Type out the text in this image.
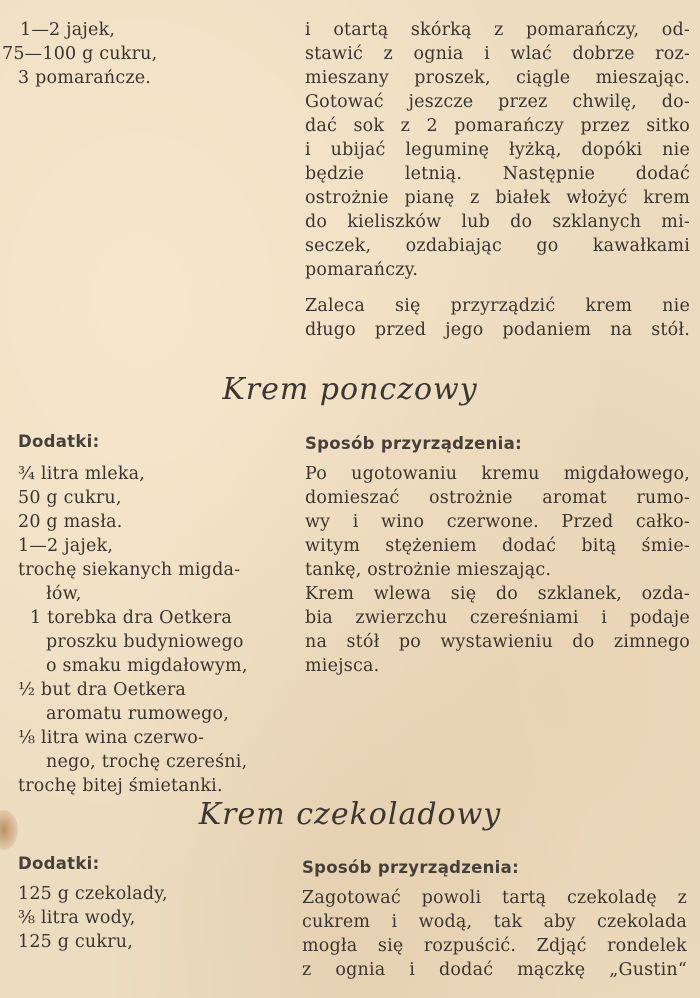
1—2 jajek,
75—100 g cukru,
3 pomarańcze.
i otartą skórką z pomarańczy, od-
stawić z ognia i wlać dobrze roz-
mieszany proszek, ciągle mieszając.
Gotować jeszcze przez chwilę, do-
dać sok z 2 pomarańczy przez sitko
i ubijać leguminę łyżką, dopóki nie
będzie letnią. Następnie dodać
ostrożnie pianę z białek włożyć krem
do kieliszków lub do szklanych mi-
seczek, ozdabiając go kawałkami
pomarańczy.
Zaleca się przyrządzić krem nie
długo przed jego podaniem na stół.
Krem ponczowy
Dodatki:
¾ litra mleka,
50 g cukru,
20 g masła.
1—2 jajek,
trochę siekanych migda-
łów,
1 torebka dra Oetkera
proszku budyniowego
o smaku migdałowym,
½ but dra Oetkera
aromatu rumowego,
⅛ litra wina czerwo-
nego, trochę czereśni,
trochę bitej śmietanki.
Sposób przyrządzenia:
Po ugotowaniu kremu migdałowego,
domieszać ostrożnie aromat rumo-
wy i wino czerwone. Przed całko-
witym stężeniem dodać bitą śmie-
tankę, ostrożnie mieszając.
Krem wlewa się do szklanek, ozda-
bia zwierzchu czereśniami i podaje
na stół po wystawieniu do zimnego
miejsca.
Krem czekoladowy
Dodatki:
125 g czekolady,
⅜ litra wody,
125 g cukru,
Sposób przyrządzenia:
Zagotować powoli tartą czekoladę z
cukrem i wodą, tak aby czekolada
mogła się rozpuścić. Zdjąć rondelek
z ognia i dodać mączkę „Gustin“
